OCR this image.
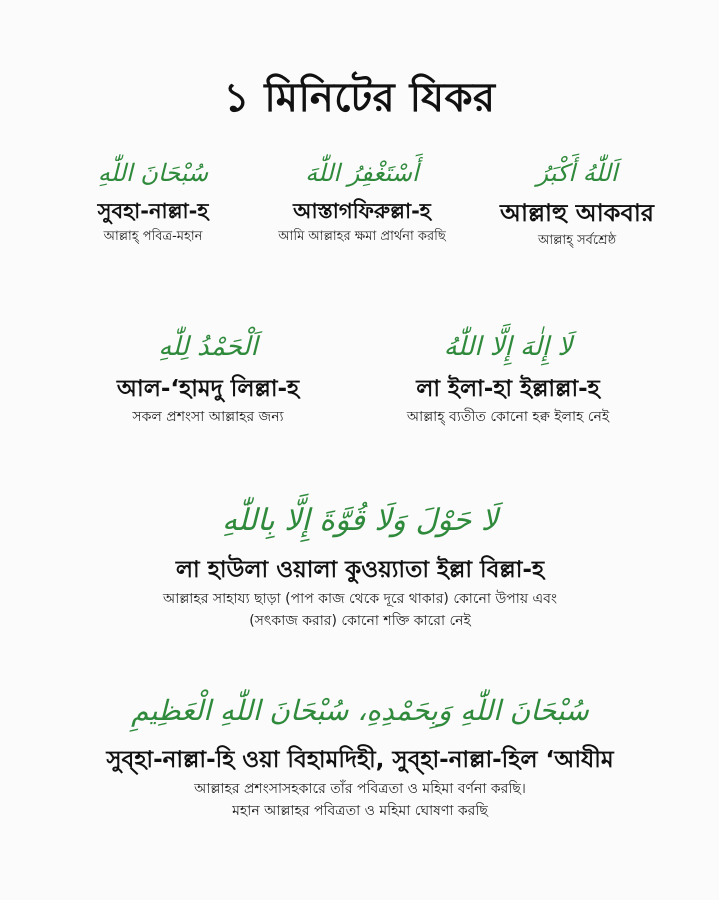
১ মিনিটের যিকর
سُبْحَانَ اللّٰهِ
সুবহা-নাল্লা-হ
আল্লাহ্ পবিত্র-মহান
أَسْتَغْفِرُ اللّٰهَ
আস্তাগফিরুল্লা-হ
আমি আল্লাহর ক্ষমা প্রার্থনা করছি
اَللّٰهُ أَكْبَرُ
আল্লাহু আকবার
আল্লাহ্ সর্বশ্রেষ্ঠ
اَلْحَمْدُ لِلّٰهِ
আল-‘হামদু লিল্লা-হ
সকল প্রশংসা আল্লাহর জন্য
لَا إِلٰهَ إِلَّا اللّٰهُ
লা ইলা-হা ইল্লাল্লা-হ
আল্লাহ্ ব্যতীত কোনো হক্ব ইলাহ নেই
لَا حَوْلَ وَلَا قُوَّةَ إِلَّا بِاللّٰهِ
লা হাউলা ওয়ালা কুওয়্যাতা ইল্লা বিল্লা-হ
আল্লাহর সাহায্য ছাড়া (পাপ কাজ থেকে দূরে থাকার) কোনো উপায় এবং (সৎকাজ করার) কোনো শক্তি কারো নেই
سُبْحَانَ اللّٰهِ وَبِحَمْدِهِ، سُبْحَانَ اللّٰهِ الْعَظِيمِ
সুব্হা-নাল্লা-হি ওয়া বিহামদিহী, সুব্হা-নাল্লা-হিল ‘আযীম
আল্লাহর প্রশংসাসহকারে তাঁর পবিত্রতা ও মহিমা বর্ণনা করছি।
মহান আল্লাহর পবিত্রতা ও মহিমা ঘোষণা করছি
